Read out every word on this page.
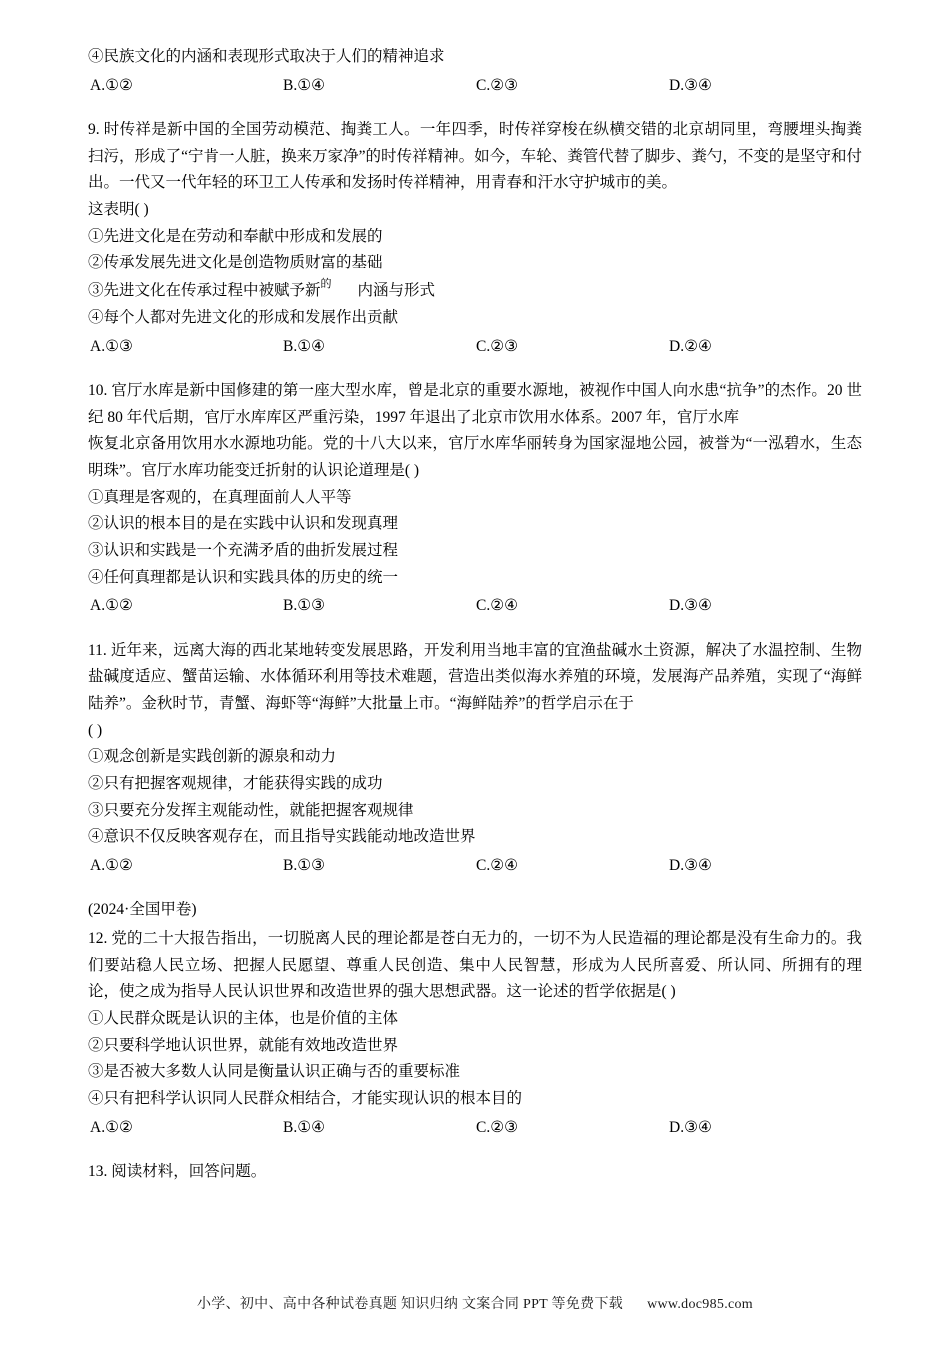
④民族文化的内涵和表现形式取决于人们的精神追求

A.①②	B.①④	C.②③	D.③④

9. 时传祥是新中国的全国劳动模范、掏粪工人。一年四季，时传祥穿梭在纵横交错的北京胡同里，弯腰埋头掏粪扫污，形成了“宁肯一人脏，换来万家净”的时传祥精神。如今，车轮、粪管代替了脚步、粪勺，不变的是坚守和付出。一代又一代年轻的环卫工人传承和发扬时传祥精神，用青春和汗水守护城市的美。

这表明( )

①先进文化是在劳动和奉献中形成和发展的

②传承发展先进文化是创造物质财富的基础

③先进文化在传承过程中被赋予新$^的$ 内涵与形式

④每个人都对先进文化的形成和发展作出贡献

A.①③	B.①④	C.②③	D.②④

10. 官厅水库是新中国修建的第一座大型水库，曾是北京的重要水源地，被视作中国人向水患“抗争”的杰作。20 世纪 80 年代后期，官厅水库库区严重污染，1997 年退出了北京市饮用水体系。2007 年，官厅水库

恢复北京备用饮用水水源地功能。党的十八大以来，官厅水库华丽转身为国家湿地公园，被誉为“一泓碧水，生态明珠”。官厅水库功能变迁折射的认识论道理是( )

①真理是客观的，在真理面前人人平等

②认识的根本目的是在实践中认识和发现真理

③认识和实践是一个充满矛盾的曲折发展过程

④任何真理都是认识和实践具体的历史的统一

A.①②	B.①③	C.②④	D.③④

11. 近年来，远离大海的西北某地转变发展思路，开发利用当地丰富的宜渔盐碱水土资源，解决了水温控制、生物盐碱度适应、蟹苗运输、水体循环利用等技术难题，营造出类似海水养殖的环境，发展海产品养殖，实现了“海鲜陆养”。金秋时节，青蟹、海虾等“海鲜”大批量上市。“海鲜陆养”的哲学启示在于

( )

①观念创新是实践创新的源泉和动力

②只有把握客观规律，才能获得实践的成功

③只要充分发挥主观能动性，就能把握客观规律

④意识不仅反映客观存在，而且指导实践能动地改造世界

A.①②	B.①③	C.②④	D.③④

(2024·全国甲卷)

12. 党的二十大报告指出，一切脱离人民的理论都是苍白无力的，一切不为人民造福的理论都是没有生命力的。我们要站稳人民立场、把握人民愿望、尊重人民创造、集中人民智慧，形成为人民所喜爱、所认同、所拥有的理论，使之成为指导人民认识世界和改造世界的强大思想武器。这一论述的哲学依据是( )

①人民群众既是认识的主体，也是价值的主体

②只要科学地认识世界，就能有效地改造世界

③是否被大多数人认同是衡量认识正确与否的重要标准

④只有把科学认识同人民群众相结合，才能实现认识的根本目的

A.①②	B.①④	C.②③	D.③④

13. 阅读材料，回答问题。

小学、初中、高中各种试卷真题 知识归纳 文案合同 PPT 等免费下载 www.doc985.com
